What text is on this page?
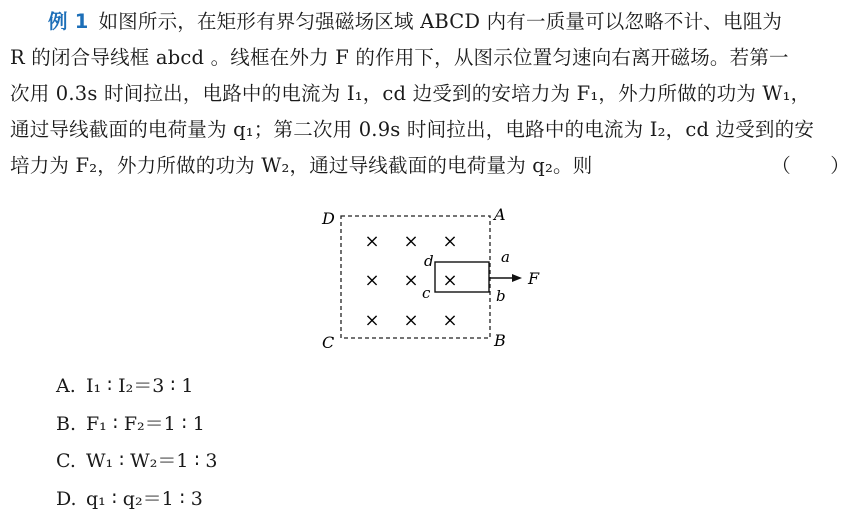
例 1 如图所示，在矩形有界匀强磁场区域 ABCD 内有一质量可以忽略不计、电阻为

R 的闭合导线框 abcd 。线框在外力 F 的作用下，从图示位置匀速向右离开磁场。若第一

次用 0.3s 时间拉出，电路中的电流为 I₁，cd 边受到的安培力为 F₁，外力所做的功为 W₁，

通过导线截面的电荷量为 q₁；第二次用 0.9s 时间拉出，电路中的电流为 I₂，cd 边受到的安

培力为 F₂，外力所做的功为 W₂，通过导线截面的电荷量为 q₂。则	（　　）

D	A
C	B
× × ×
× × ×
× × ×
d
c
a
b
F
A. I₁ ∶ I₂＝3 ∶ 1
B. F₁ ∶ F₂＝1 ∶ 1
C. W₁ ∶ W₂＝1 ∶ 3
D. q₁ ∶ q₂＝1 ∶ 3
